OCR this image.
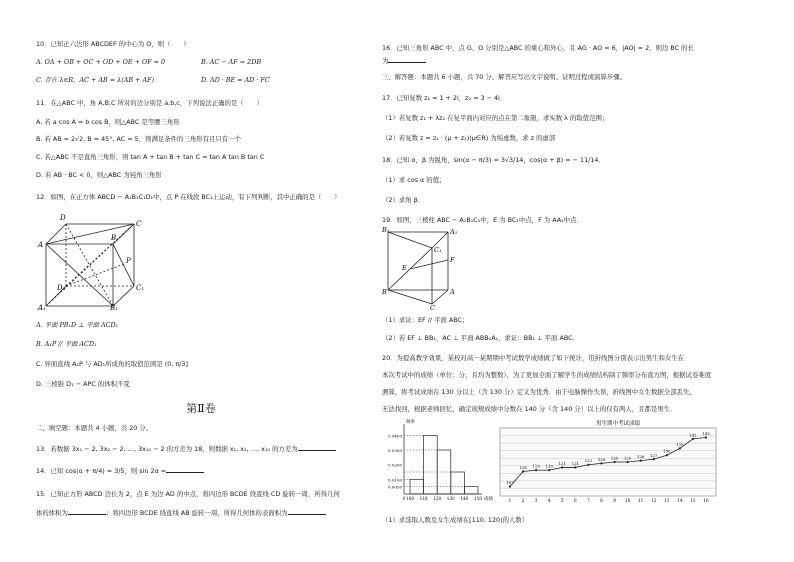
10．已知正六边形 ABCDEF 的中心为 O，则（　　）
A. OA + OB + OC + OD + OE + OF = 0	B. AC − AF = 2DB
C. 存在 λ∈R，AC + AB = λ(AB + AF)	D. AD · BE = AD · FC
11．在△ABC 中，角 A,B,C 所对的边分别是 a,b,c，下列说法正确的是（　　）
A. 若 a cos A = b cos B，则△ABC 是等腰三角形
B. 若 AB = 2√2, B = 45°, AC = 5，则满足条件的三角形有且只有一个
C. 若△ABC 不是直角三角形，则 tan A + tan B + tan C = tan A tan B tan C
D. 若 AB · BC < 0，则△ABC 为钝角三角形
12．如图，在正方体 ABCD − A₁B₁C₁D₁中，点 P 在线段 BC₁上运动，有下列判断，其中正确的是（　　）
A
B
C
D
A₁	B₁
C₁
D₁
P
A. 平面 PB₁D ⊥ 平面 ACD₁
B. A₁P // 平面 ACD₁
C. 异面直线 A₁P 与 AD₁所成角的取值范围是 (0, π/3]
D. 三棱锥 D₁ − APC 的体积不变
第Ⅱ卷
二、填空题：本题共 4 小题，共 20 分。
13．若数据 3x₁ − 2, 3x₂ − 2, …, 3x₁₀ − 2 的方差为 18，则数据 x₁, x₂, …, x₁₀ 的方差为
14．已知 cos(α + π/4) = 3/5，则 sin 2α =
15．已知正方形 ABCD 边长为 2，点 E 为边 AD 的中点，将四边形 BCDE 绕直线 CD 旋转一周，所得几何
体的体积为	；将四边形 BCDE 绕直线 AB 旋转一周，所得几何体的表面积为
16．已知三角形 ABC 中，点 G、O 分别是△ABC 的重心和外心，且 AG · AO = 6，|AO| = 2，则边 BC 的长
为
三、解答题：本题共 6 小题，共 70 分。解答应写出文字说明、证明过程或演算步骤。
17．已知复数 z₁ = 1 + 2i，z₂ = 3 − 4i．
（1）若复数 z₁ + λz₂ 在复平面内对应的点在第二象限，求实数 λ 的取值范围；
（2）若复数 z = z₁ · (μ + z₂)(μ∈R) 为纯虚数，求 z 的虚部
18．已知 α，β 为锐角，sin(α − π/3) = 3√3/14，cos(α + β) = − 11/14．
（1）求 cos α 的值；
（2）求角 β．
19．如图，三棱柱 ABC − A₁B₁C₁中，E 为 BC₁中点，F 为 AA₁中点．
B₁	A₁
C₁
F
E
B	A
C
（1）求证：EF // 平面 ABC；
（2）若 EF ⊥ BB₁，AC ⊥ 平面 ABB₁A₁，求证：BB₁ ⊥ 平面 ABC．
20．为提高教学效果，某校对高一某期期中考试数学成绩做了如下统计，用折线图分别表示出男生和女生在
本次考试中的成绩（单位：分，且均为整数），为了更加全面了解学生的成绩结构制了频率分布直方图，根据试卷难度
测算，将考试成绩在 130 分以上（含 130 分）定义为优秀．由于电脑操作失误，折线图中女生数据全部丢失，
无法找回，根据老师回忆，确定现规成绩中分数在 140 分（含 140 分）以上的仅有两人，且都是男生．
0.0400
0.0300
0.0200
0.0100
0.0050
0 100 110 120 130 140 150
频率
成绩
男生期中考试成绩
107
1
118
2
119
3
119
4
121
5
121
6
123
7
124
8
125
9
125
10
126
11
127
12
130
13
135
14
142
15
143
16
（1）求选取人数及女生成绩在[110, 120)的人数）
